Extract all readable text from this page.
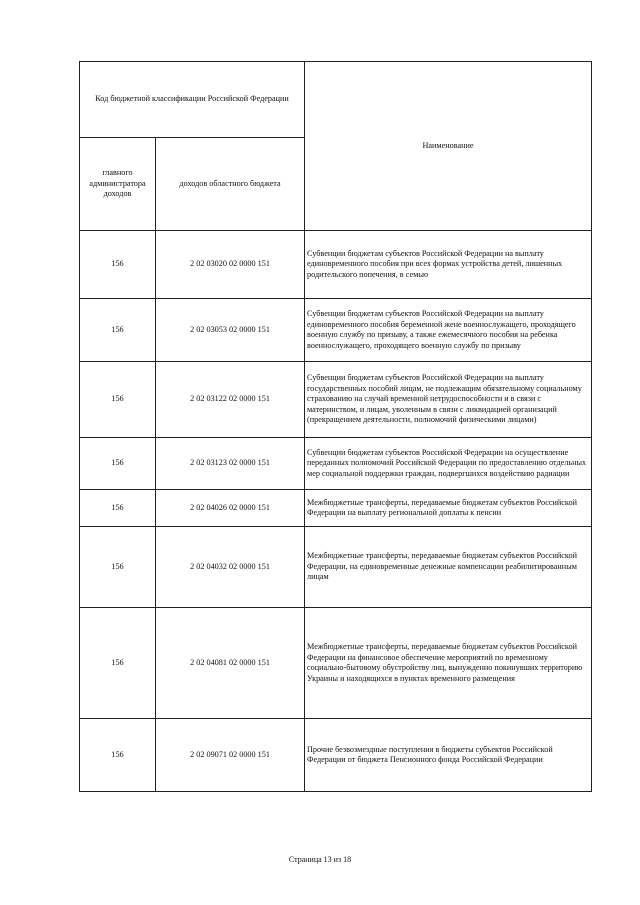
Код бюджетной классификации Российской Федерации		Наименование
главного администратора доходов	доходов областного бюджета	
156	2 02 03020 02 0000 151	Субвенции бюджетам субъектов Российской Федерации на выплату единовременного пособия при всех формах устройства детей, лишенных родительского попечения, в семью
156	2 02 03053 02 0000 151	Субвенции бюджетам субъектов Российской Федерации на выплату единовременного пособия беременной жене военнослужащего, проходящего военную службу по призыву, а также ежемесячного пособия на ребенка военнослужащего, проходящего военную службу по призыву
156	2 02 03122 02 0000 151	Субвенции бюджетам субъектов Российской Федерации на выплату государственных пособий лицам, не подлежащим обязательному социальному страхованию на случай временной нетрудоспособности и в связи с материнством, и лицам, уволенным в связи с ликвидацией организаций (прекращением деятельности, полномочий физическими лицами)
156	2 02 03123 02 0000 151	Субвенции бюджетам субъектов Российской Федерации на осуществление переданных полномочий Российской Федерации по предоставлению отдельных мер социальной поддержки граждан, подвергшихся воздействию радиации
156	2 02 04026 02 0000 151	Межбюджетные трансферты, передаваемые бюджетам субъектов Российской Федерации на выплату региональной доплаты к пенсии
156	2 02 04032 02 0000 151	Межбюджетные трансферты, передаваемые бюджетам субъектов Российской Федерации, на единовременные денежные компенсации реабилитированным лицам
156	2 02 04081 02 0000 151	Межбюджетные трансферты, передаваемые бюджетам субъектов Российской Федерации на финансовое обеспечение мероприятий по временному социально-бытовому обустройству лиц, вынужденно покинувших территорию Украины и находящихся в пунктах временного размещения
156	2 02 09071 02 0000 151	Прочие безвозмездные поступления в бюджеты субъектов Российской Федерации от бюджета Пенсионного фонда Российской Федерации
Страница 13 из 18
